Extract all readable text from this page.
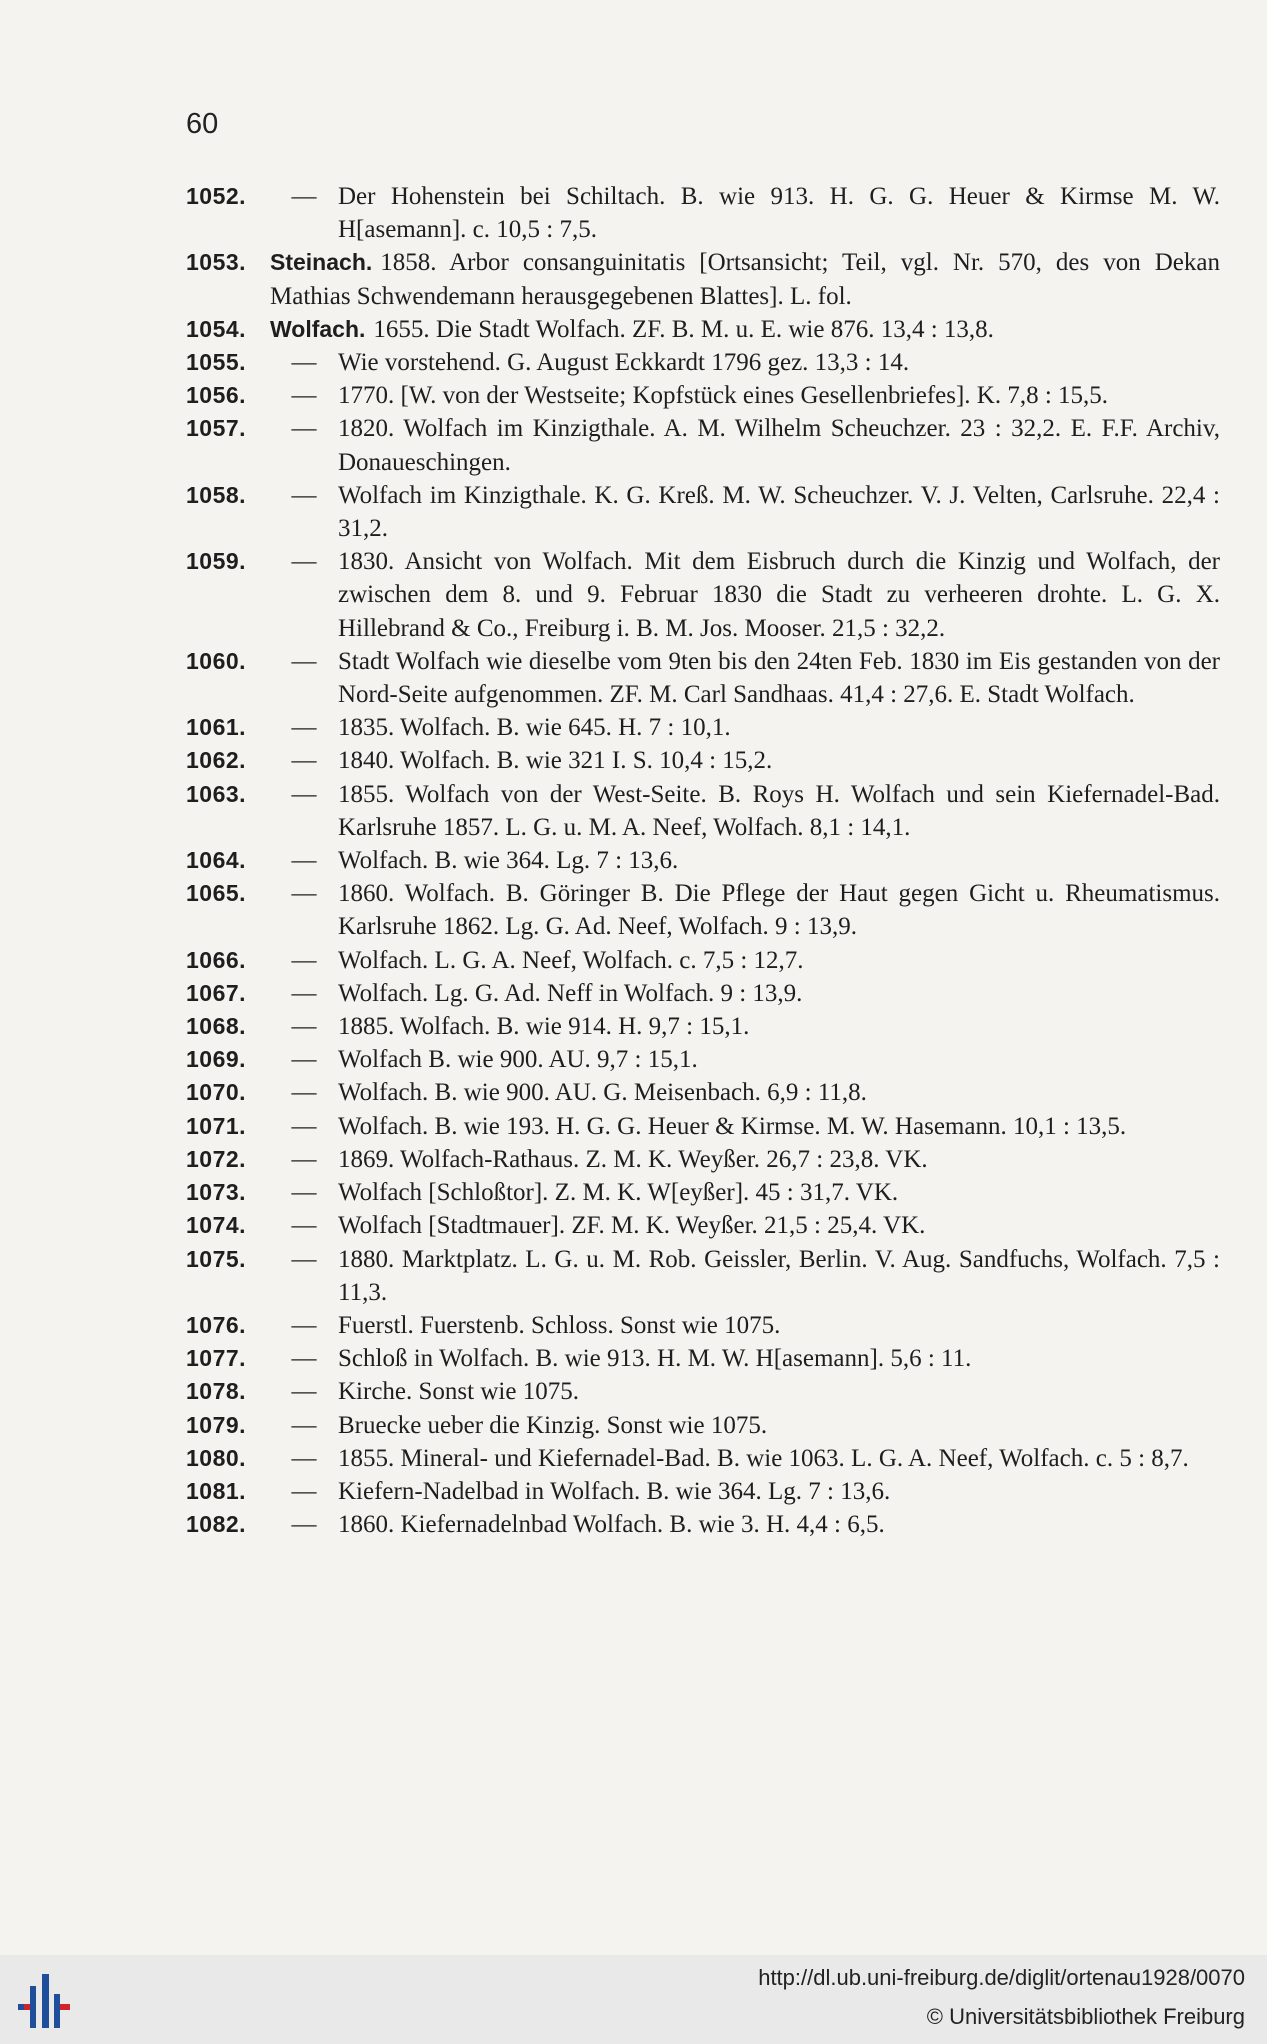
60
1052.	— Der Hohenstein bei Schiltach. B. wie 913. H. G. G. Heuer & Kirmse M. W. H[asemann]. c. 10,5 : 7,5.
1053.	Steinach. 1858. Arbor consanguinitatis [Ortsansicht; Teil, vgl. Nr. 570, des von Dekan Mathias Schwendemann herausgegebenen Blattes]. L. fol.
1054.	Wolfach. 1655. Die Stadt Wolfach. ZF. B. M. u. E. wie 876. 13,4 : 13,8.
1055.	— Wie vorstehend. G. August Eckkardt 1796 gez. 13,3 : 14.
1056.	— 1770. [W. von der Westseite; Kopfstück eines Gesellenbriefes]. K. 7,8 : 15,5.
1057.	— 1820. Wolfach im Kinzigthale. A. M. Wilhelm Scheuchzer. 23 : 32,2. E. F.F. Archiv, Donaueschingen.
1058.	— Wolfach im Kinzigthale. K. G. Kreß. M. W. Scheuchzer. V. J. Velten, Carlsruhe. 22,4 : 31,2.
1059.	— 1830. Ansicht von Wolfach. Mit dem Eisbruch durch die Kinzig und Wolfach, der zwischen dem 8. und 9. Februar 1830 die Stadt zu verheeren drohte. L. G. X. Hillebrand & Co., Freiburg i. B. M. Jos. Mooser. 21,5 : 32,2.
1060.	— Stadt Wolfach wie dieselbe vom 9ten bis den 24ten Feb. 1830 im Eis gestanden von der Nord-Seite aufgenommen. ZF. M. Carl Sandhaas. 41,4 : 27,6. E. Stadt Wolfach.
1061.	— 1835. Wolfach. B. wie 645. H. 7 : 10,1.
1062.	— 1840. Wolfach. B. wie 321 I. S. 10,4 : 15,2.
1063.	— 1855. Wolfach von der West-Seite. B. Roys H. Wolfach und sein Kiefernadel-Bad. Karlsruhe 1857. L. G. u. M. A. Neef, Wolfach. 8,1 : 14,1.
1064.	— Wolfach. B. wie 364. Lg. 7 : 13,6.
1065.	— 1860. Wolfach. B. Göringer B. Die Pflege der Haut gegen Gicht u. Rheumatismus. Karlsruhe 1862. Lg. G. Ad. Neef, Wolfach. 9 : 13,9.
1066.	— Wolfach. L. G. A. Neef, Wolfach. c. 7,5 : 12,7.
1067.	— Wolfach. Lg. G. Ad. Neff in Wolfach. 9 : 13,9.
1068.	— 1885. Wolfach. B. wie 914. H. 9,7 : 15,1.
1069.	— Wolfach B. wie 900. AU. 9,7 : 15,1.
1070.	— Wolfach. B. wie 900. AU. G. Meisenbach. 6,9 : 11,8.
1071.	— Wolfach. B. wie 193. H. G. G. Heuer & Kirmse. M. W. Hasemann. 10,1 : 13,5.
1072.	— 1869. Wolfach-Rathaus. Z. M. K. Weyßer. 26,7 : 23,8. VK.
1073.	— Wolfach [Schloßtor]. Z. M. K. W[eyßer]. 45 : 31,7. VK.
1074.	— Wolfach [Stadtmauer]. ZF. M. K. Weyßer. 21,5 : 25,4. VK.
1075.	— 1880. Marktplatz. L. G. u. M. Rob. Geissler, Berlin. V. Aug. Sandfuchs, Wolfach. 7,5 : 11,3.
1076.	— Fuerstl. Fuerstenb. Schloss. Sonst wie 1075.
1077.	— Schloß in Wolfach. B. wie 913. H. M. W. H[asemann]. 5,6 : 11.
1078.	— Kirche. Sonst wie 1075.
1079.	— Bruecke ueber die Kinzig. Sonst wie 1075.
1080.	— 1855. Mineral- und Kiefernadel-Bad. B. wie 1063. L. G. A. Neef, Wolfach. c. 5 : 8,7.
1081.	— Kiefern-Nadelbad in Wolfach. B. wie 364. Lg. 7 : 13,6.
1082.	— 1860. Kiefernadelnbad Wolfach. B. wie 3. H. 4,4 : 6,5.
http://dl.ub.uni-freiburg.de/diglit/ortenau1928/0070
© Universitätsbibliothek Freiburg
